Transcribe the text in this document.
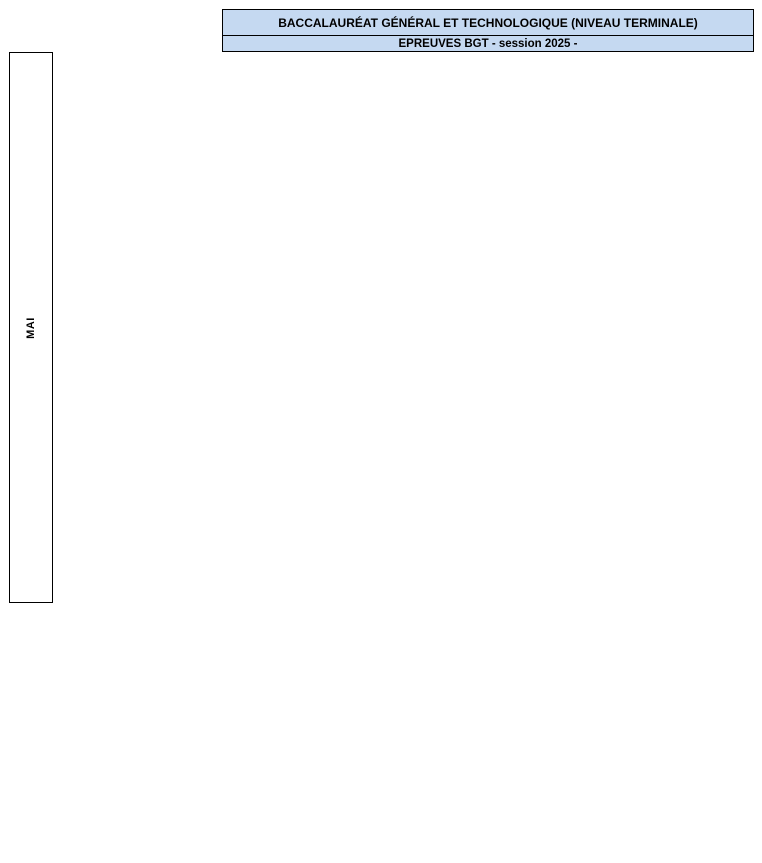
BACCALAURÉAT GÉNÉRAL ET TECHNOLOGIQUE (NIVEAU TERMINALE)
EPREUVES BGT - session 2025 -
MAI
